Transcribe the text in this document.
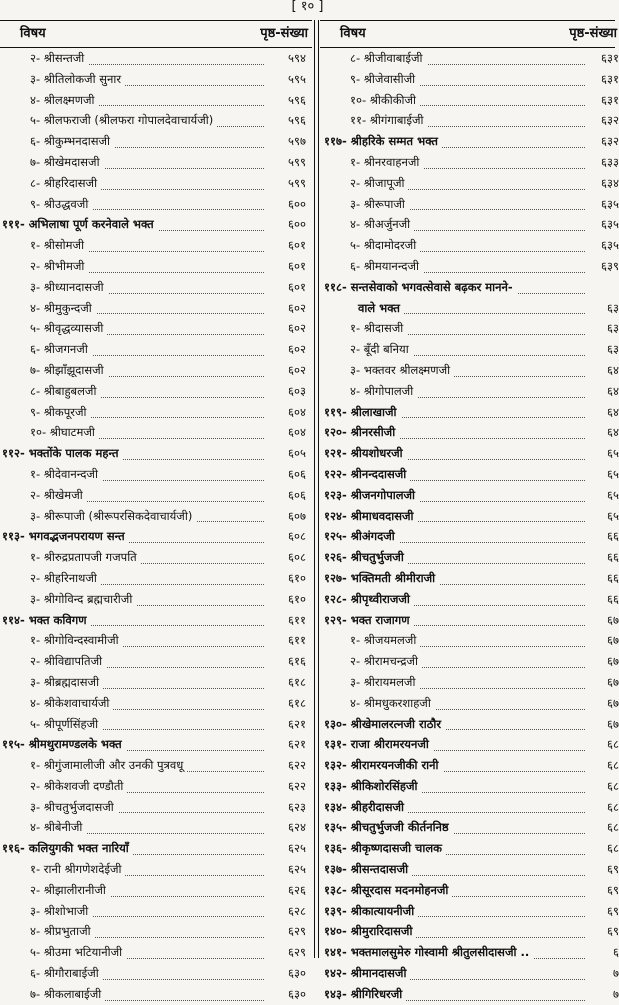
[ १० ]
विषय	पृष्ठ-संख्या
२- श्रीसन्तजी	५९४
३- श्रीतिलोकजी सुनार	५९५
४- श्रीलक्ष्मणजी	५९६
५- श्रीलफराजी (श्रीलफरा गोपालदेवाचार्यजी)	५९६
६- श्रीकुम्भनदासजी	५९७
७- श्रीखेमदासजी	५९९
८- श्रीहरिदासजी	५९९
९- श्रीउद्धवजी	६००
१११- अभिलाषा पूर्ण करनेवाले भक्त	६००
१- श्रीसोमजी	६०१
२- श्रीभीमजी	६०१
३- श्रीध्यानदासजी	६०१
४- श्रीमुकुन्दजी	६०२
५- श्रीवृद्धव्यासजी	६०२
६- श्रीजगनजी	६०२
७- श्रीझाँझूदासजी	६०२
८- श्रीबाहुबलजी	६०३
९- श्रीकपूरजी	६०४
१०- श्रीघाटमजी	६०४
११२- भक्तोंके पालक महन्त	६०५
१- श्रीदेवानन्दजी	६०६
२- श्रीखेमजी	६०६
३- श्रीरूपाजी (श्रीरूपरसिकदेवाचार्यजी)	६०७
११३- भगवद्भजनपरायण सन्त	६०८
१- श्रीरुद्रप्रतापजी गजपति	६०८
२- श्रीहरिनाथजी	६१०
३- श्रीगोविन्द ब्रह्मचारीजी	६१०
११४- भक्त कविगण	६११
१- श्रीगोविन्दस्वामीजी	६११
२- श्रीविद्यापतिजी	६१६
३- श्रीब्रह्मदासजी	६१८
४- श्रीकेशवाचार्यजी	६१८
५- श्रीपूर्णसिंहजी	६२१
११५- श्रीमथुरामण्डलके भक्त	६२१
१- श्रीगुंजामालीजी और उनकी पुत्रवधू	६२२
२- श्रीकेशवजी दण्डौती	६२२
३- श्रीचतुर्भुजदासजी	६२३
४- श्रीबेनीजी	६२४
११६- कलियुगकी भक्त नारियाँ	६२५
१- रानी श्रीगणेशदेईजी	६२५
२- श्रीझालीरानीजी	६२६
३- श्रीशोभाजी	६२८
४- श्रीप्रभुताजी	६२९
५- श्रीउमा भटियानीजी	६२९
६- श्रीगौराबाईजी	६३०
७- श्रीकलाबाईजी	६३०
विषय	पृष्ठ-संख्या
८- श्रीजीवाबाईजी	६३१
९- श्रीजेवासीजी	६३१
१०- श्रीकीकीजी	६३१
११- श्रीगंगाबाईजी	६३२
११७- श्रीहरिके सम्मत भक्त	६३२
१- श्रीनरवाहनजी	६३३
२- श्रीजापूजी	६३४
३- श्रीरूपाजी	६३५
४- श्रीअर्जुनजी	६३५
५- श्रीदामोदरजी	६३५
६- श्रीमयानन्दजी	६३९
११८- सन्तसेवाको भगवत्सेवासे बढ़कर मानने-
वाले भक्त	६३
१- श्रीदासजी	६३
२- बूँदी बनिया	६३
३- भक्तवर श्रीलक्ष्मणजी	६४
४- श्रीगोपालजी	६४
११९- श्रीलाखाजी	६४
१२०- श्रीनरसीजी	६४
१२१- श्रीयशोधरजी	६५
१२२- श्रीनन्ददासजी	६५
१२३- श्रीजनगोपालजी	६५
१२४- श्रीमाधवदासजी	६५
१२५- श्रीअंगदजी	६६
१२६- श्रीचतुर्भुजजी	६६
१२७- भक्तिमती श्रीमीराजी	६६
१२८- श्रीपृथ्वीराजजी	६६
१२९- भक्त राजागण	६७
१- श्रीजयमलजी	६७
२- श्रीरामचन्द्रजी	६७
३- श्रीरायमलजी	६७
४- श्रीमधुकरशाहजी	६७
१३०- श्रीखेमालरत्नजी राठौर	६७
१३१- राजा श्रीरामरयनजी	६८
१३२- श्रीरामरयनजीकी रानी	६८
१३३- श्रीकिशोरसिंहजी	६८
१३४- श्रीहरीदासजी	६८
१३५- श्रीचतुर्भुजजी कीर्तननिष्ठ	६८
१३६- श्रीकृष्णदासजी चालक	६८
१३७- श्रीसन्तदासजी	६९
१३८- श्रीसूरदास मदनमोहनजी	६९
१३९- श्रीकात्यायनीजी	६९
१४०- श्रीमुरारिदासजी	६९
१४१- भक्तमालसुमेरु गोस्वामी श्रीतुलसीदासजी ..	६
१४२- श्रीमानदासजी	७
१४३- श्रीगिरिधरजी	७
